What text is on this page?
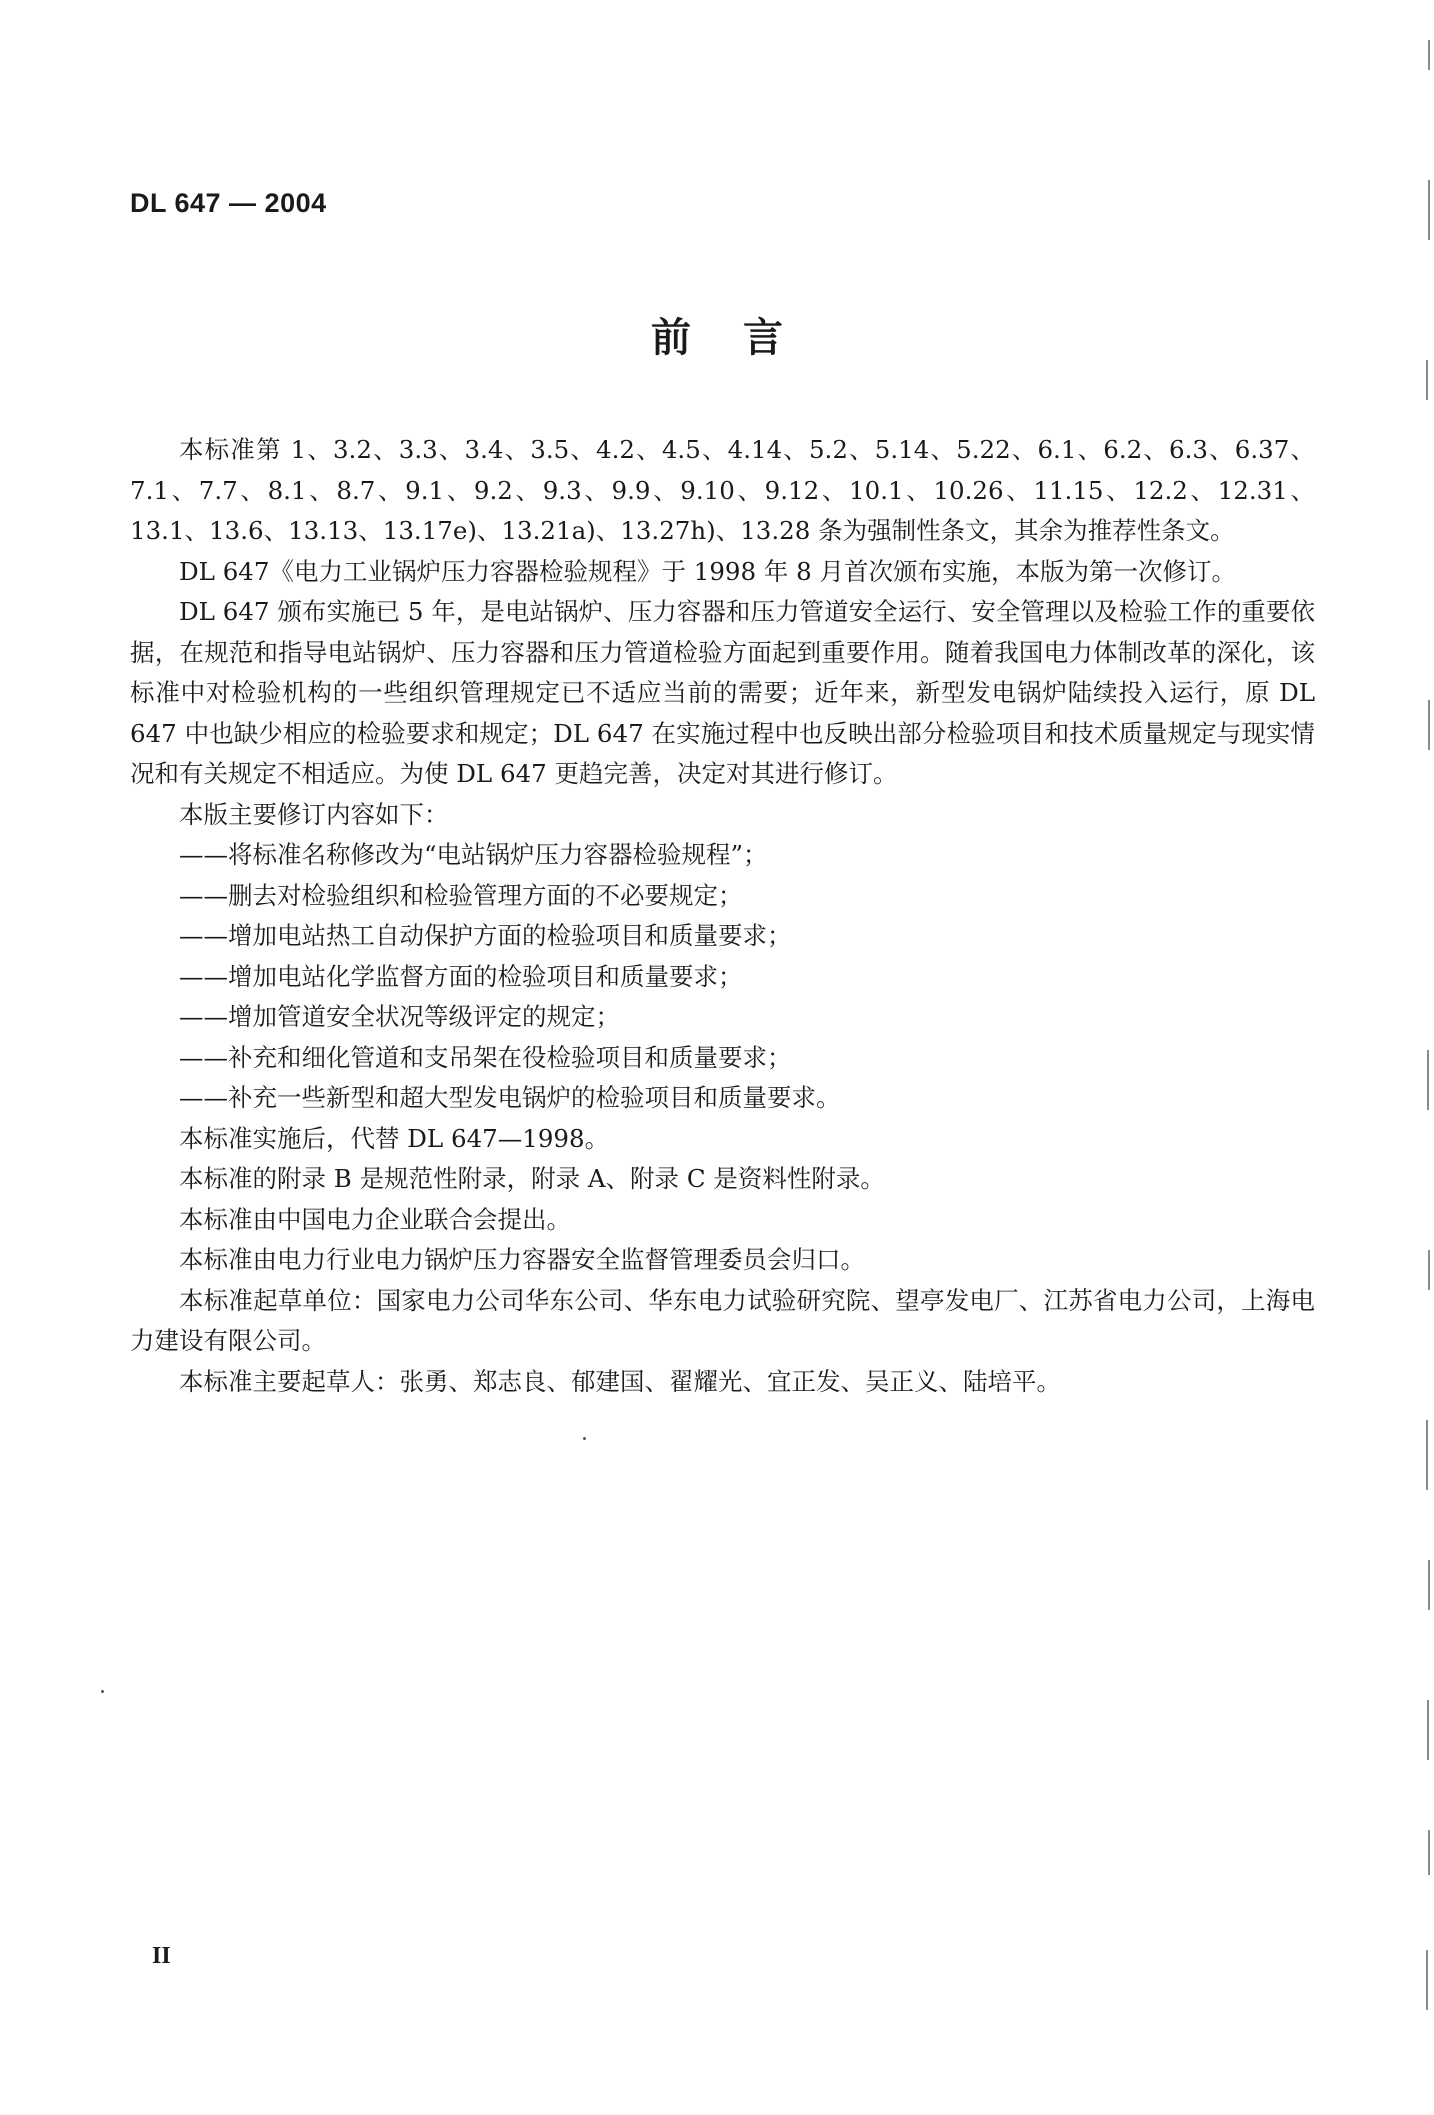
DL 647 — 2004
前言

本标准第 1、3.2、3.3、3.4、3.5、4.2、4.5、4.14、5.2、5.14、5.22、6.1、6.2、6.3、6.37、7.1、7.7、8.1、8.7、9.1、9.2、9.3、9.9、9.10、9.12、10.1、10.26、11.15、12.2、12.31、13.1、13.6、13.13、13.17e)、13.21a)、13.27h)、13.28 条为强制性条文，其余为推荐性条文。

DL 647《电力工业锅炉压力容器检验规程》于 1998 年 8 月首次颁布实施，本版为第一次修订。

DL 647 颁布实施已 5 年，是电站锅炉、压力容器和压力管道安全运行、安全管理以及检验工作的重要依据，在规范和指导电站锅炉、压力容器和压力管道检验方面起到重要作用。随着我国电力体制改革的深化，该标准中对检验机构的一些组织管理规定已不适应当前的需要；近年来，新型发电锅炉陆续投入运行，原 DL 647 中也缺少相应的检验要求和规定；DL 647 在实施过程中也反映出部分检验项目和技术质量规定与现实情况和有关规定不相适应。为使 DL 647 更趋完善，决定对其进行修订。

本版主要修订内容如下：

——将标准名称修改为“电站锅炉压力容器检验规程”；

——删去对检验组织和检验管理方面的不必要规定；

——增加电站热工自动保护方面的检验项目和质量要求；

——增加电站化学监督方面的检验项目和质量要求；

——增加管道安全状况等级评定的规定；

——补充和细化管道和支吊架在役检验项目和质量要求；

——补充一些新型和超大型发电锅炉的检验项目和质量要求。

本标准实施后，代替 DL 647—1998。

本标准的附录 B 是规范性附录，附录 A、附录 C 是资料性附录。

本标准由中国电力企业联合会提出。

本标准由电力行业电力锅炉压力容器安全监督管理委员会归口。

本标准起草单位：国家电力公司华东公司、华东电力试验研究院、望亭发电厂、江苏省电力公司，上海电力建设有限公司。

本标准主要起草人：张勇、郑志良、郁建国、翟耀光、宜正发、吴正义、陆培平。

II
